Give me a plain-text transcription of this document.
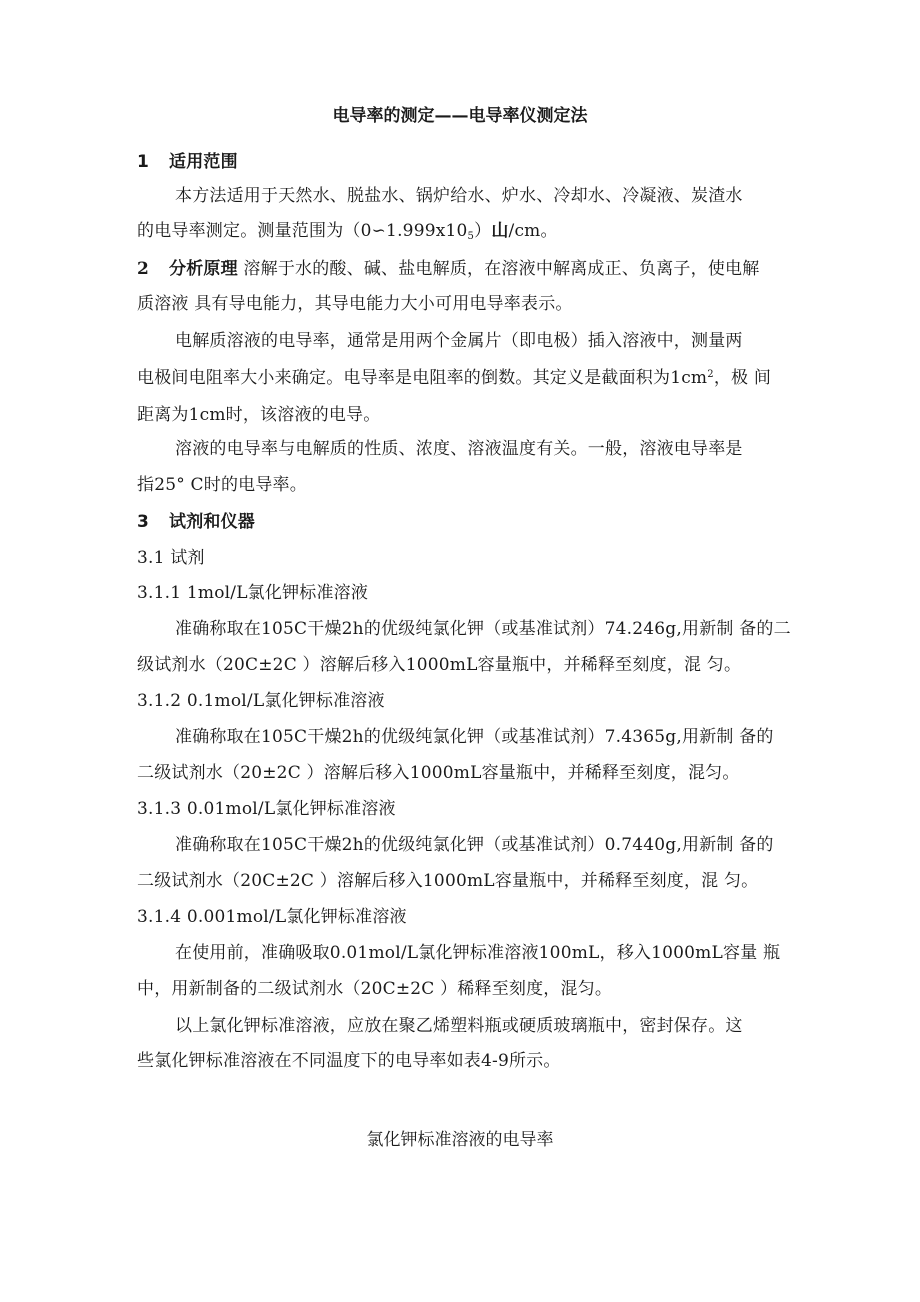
电导率的测定——电导率仪测定法
1 适用范围
本方法适用于天然水、脱盐水、锅炉给水、炉水、冷却水、冷凝液、炭渣水
的电导率测定。测量范围为$(0∽1.999x10_5)$山/cm。
2 分析原理 溶解于水的酸、碱、盐电解质，在溶液中解离成正、负离子，使电解
质溶液 具有导电能力，其导电能力大小可用电导率表示。
电解质溶液的电导率，通常是用两个金属片（即电极）插入溶液中，测量两
电极间电阻率大小来确定。电导率是电阻率的倒数。其定义是截面积为$1cm^2$，极 间
距离为1cm时，该溶液的电导。
溶液的电导率与电解质的性质、浓度、溶液温度有关。一般，溶液电导率是
指25° C时的电导率。
3 试剂和仪器
3.1 试剂
3.1.1 1mol/L氯化钾标准溶液
准确称取在105C干燥2h的优级纯氯化钾（或基准试剂）74.246g,用新制 备的二
级试剂水（20C±2C ）溶解后移入1000mL容量瓶中，并稀释至刻度，混 匀。
3.1.2 0.1mol/L氯化钾标准溶液
准确称取在105C干燥2h的优级纯氯化钾（或基准试剂）7.4365g,用新制 备的
二级试剂水（20±2C ）溶解后移入1000mL容量瓶中，并稀释至刻度，混匀。
3.1.3 0.01mol/L氯化钾标准溶液
准确称取在105C干燥2h的优级纯氯化钾（或基准试剂）0.7440g,用新制 备的
二级试剂水（20C±2C ）溶解后移入1000mL容量瓶中，并稀释至刻度，混 匀。
3.1.4 0.001mol/L氯化钾标准溶液
在使用前，准确吸取0.01mol/L氯化钾标准溶液100mL，移入1000mL容量 瓶
中，用新制备的二级试剂水（20C±2C ）稀释至刻度，混匀。
以上氯化钾标准溶液，应放在聚乙烯塑料瓶或硬质玻璃瓶中，密封保存。这
些氯化钾标准溶液在不同温度下的电导率如表4-9所示。
氯化钾标准溶液的电导率
